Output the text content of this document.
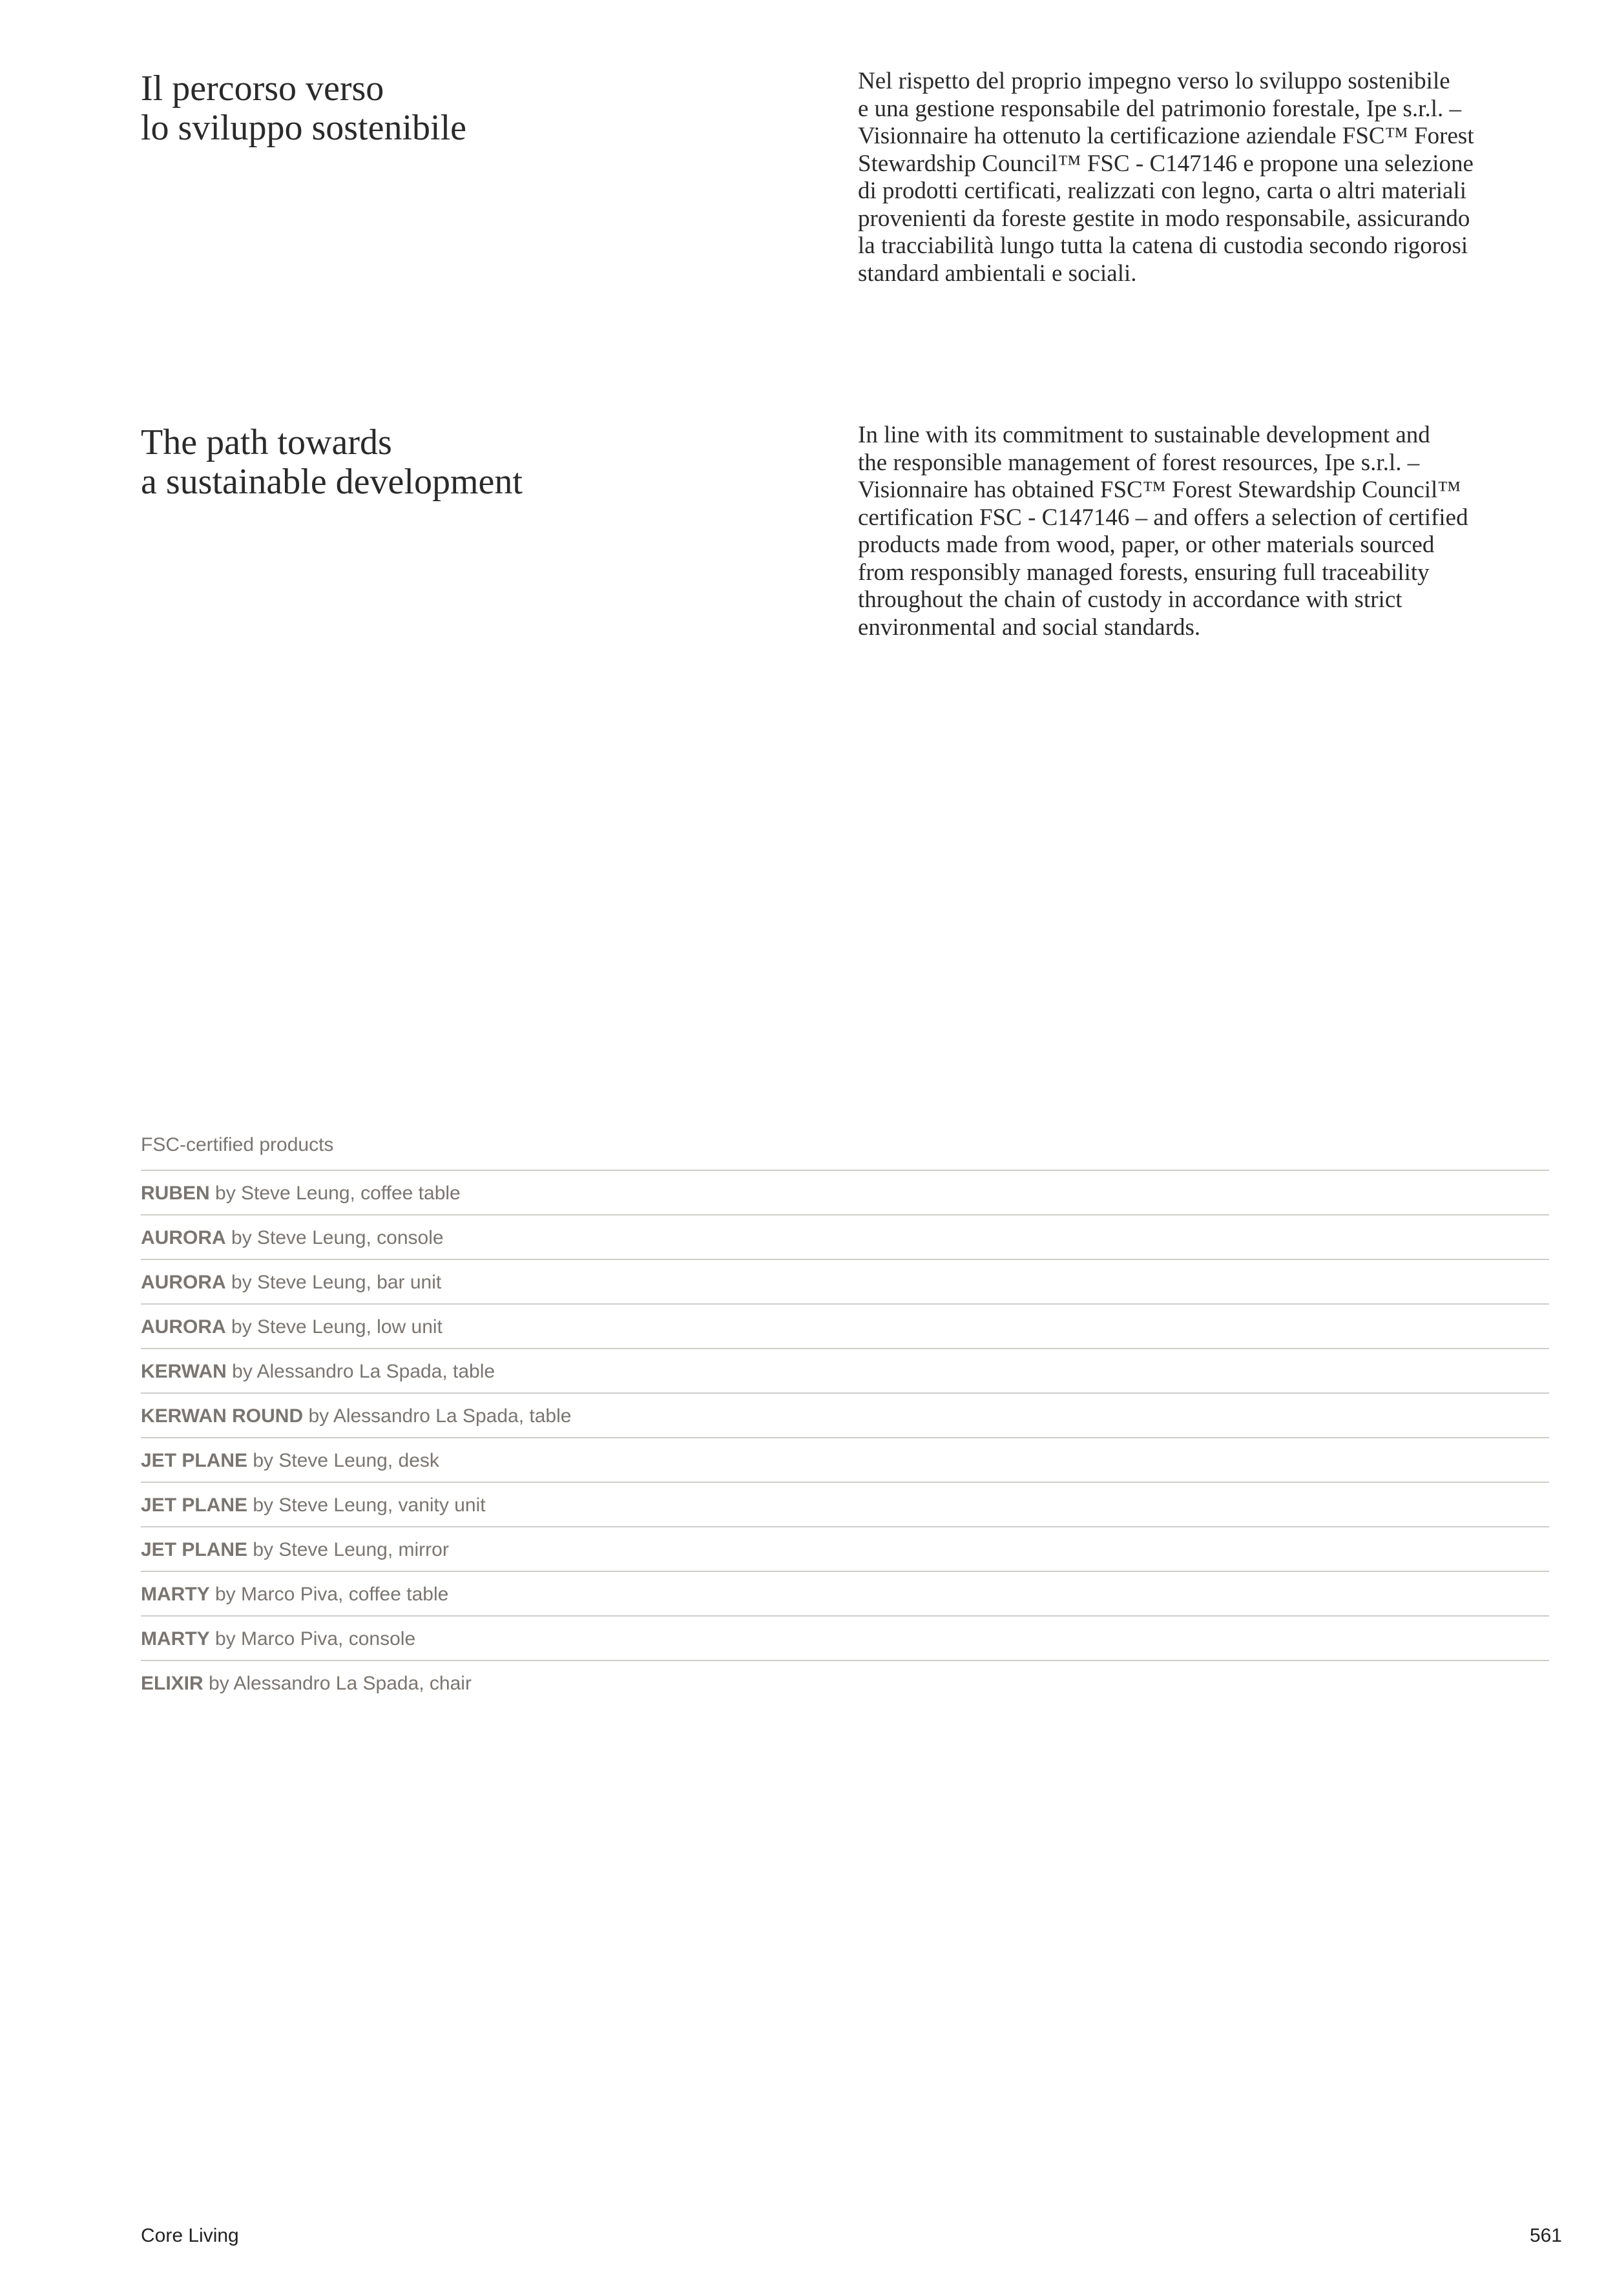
Il percorso verso
lo sviluppo sostenibile

Nel rispetto del proprio impegno verso lo sviluppo sostenibile
e una gestione responsabile del patrimonio forestale, Ipe s.r.l. –
Visionnaire ha ottenuto la certificazione aziendale FSC™ Forest
Stewardship Council™ FSC - C147146 e propone una selezione
di prodotti certificati, realizzati con legno, carta o altri materiali
provenienti da foreste gestite in modo responsabile, assicurando
la tracciabilità lungo tutta la catena di custodia secondo rigorosi
standard ambientali e sociali.

The path towards
a sustainable development

In line with its commitment to sustainable development and
the responsible management of forest resources, Ipe s.r.l. –
Visionnaire has obtained FSC™ Forest Stewardship Council™
certification FSC - C147146 – and offers a selection of certified
products made from wood, paper, or other materials sourced
from responsibly managed forests, ensuring full traceability
throughout the chain of custody in accordance with strict
environmental and social standards.

FSC-certified products
RUBEN by Steve Leung, coffee table
AURORA by Steve Leung, console
AURORA by Steve Leung, bar unit
AURORA by Steve Leung, low unit
KERWAN by Alessandro La Spada, table
KERWAN ROUND by Alessandro La Spada, table
JET PLANE by Steve Leung, desk
JET PLANE by Steve Leung, vanity unit
JET PLANE by Steve Leung, mirror
MARTY by Marco Piva, coffee table
MARTY by Marco Piva, console
ELIXIR by Alessandro La Spada, chair
Core Living	561
